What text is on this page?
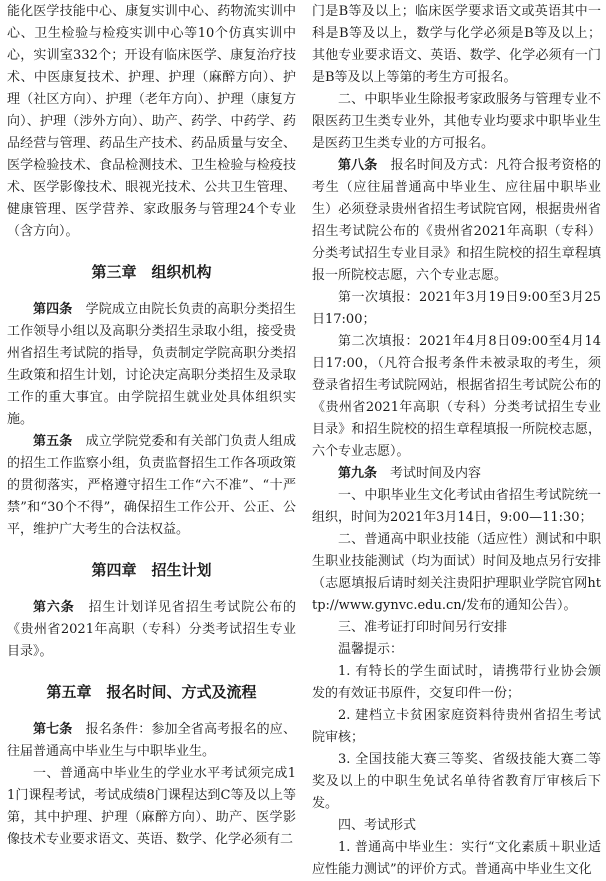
能化医学技能中心、康复实训中心、药物流实训中心、卫生检验与检疫实训中心等10个仿真实训中心，实训室332个；开设有临床医学、康复治疗技术、中医康复技术、护理、护理（麻醉方向）、护理（社区方向）、护理（老年方向）、护理（康复方向）、护理（涉外方向）、助产、药学、中药学、药品经营与管理、药品生产技术、药品质量与安全、医学检验技术、食品检测技术、卫生检验与检疫技术、医学影像技术、眼视光技术、公共卫生管理、健康管理、医学营养、家政服务与管理24个专业（含方向）。

第三章　组织机构

第四条　 学院成立由院长负责的高职分类招生工作领导小组以及高职分类招生录取小组，接受贵州省招生考试院的指导，负责制定学院高职分类招生政策和招生计划，讨论决定高职分类招生及录取工作的重大事宜。由学院招生就业处具体组织实施。

第五条　 成立学院党委和有关部门负责人组成的招生工作监察小组，负责监督招生工作各项政策的贯彻落实，严格遵守招生工作“六不准”、“十严禁”和“30个不得”，确保招生工作公开、公正、公平，维护广大考生的合法权益。

第四章　招生计划

第六条　 招生计划详见省招生考试院公布的《贵州省2021年高职（专科）分类考试招生专业目录》。

第五章　报名时间、方式及流程

第七条　 报名条件：参加全省高考报名的应、往届普通高中毕业生与中职毕业生。

一、普通高中毕业生的学业水平考试须完成11门课程考试，考试成绩8门课程达到C等及以上等第，其中护理、护理（麻醉方向）、助产、医学影像技术专业要求语文、英语、数学、化学必须有二

门是B等及以上；临床医学要求语文或英语其中一科是B等及以上，数学与化学必须是B等及以上；其他专业要求语文、英语、数学、化学必须有一门是B等及以上等第的考生方可报名。

二、中职毕业生除报考家政服务与管理专业不限医药卫生类专业外，其他专业均要求中职毕业生是医药卫生类专业的方可报名。

第八条　 报名时间及方式：凡符合报考资格的考生（应往届普通高中毕业生、应往届中职毕业生）必须登录贵州省招生考试院官网，根据贵州省招生考试院公布的《贵州省2021年高职（专科）分类考试招生专业目录》和招生院校的招生章程填报一所院校志愿，六个专业志愿。

第一次填报：2021年3月19日9:00至3月25日17:00；

第二次填报：2021年4月8日09:00至4月14日17:00，（凡符合报考条件未被录取的考生，须登录省招生考试院网站，根据省招生考试院公布的《贵州省2021年高职（专科）分类考试招生专业目录》和招生院校的招生章程填报一所院校志愿，六个专业志愿）。

第九条　 考试时间及内容

一、中职毕业生文化考试由省招生考试院统一组织，时间为2021年3月14日，9:00—11:30；

二、普通高中职业技能（适应性）测试和中职生职业技能测试（均为面试）时间及地点另行安排（志愿填报后请时刻关注贵阳护理职业学院官网http://www.gynvc.edu.cn/发布的通知公告）。

三、准考证打印时间另行安排

温馨提示：

1. 有特长的学生面试时，请携带行业协会颁发的有效证书原件，交复印件一份；

2. 建档立卡贫困家庭资料待贵州省招生考试院审核；

3. 全国技能大赛三等奖、省级技能大赛二等奖及以上的中职生免试名单待省教育厅审核后下发。

四、考试形式

1. 普通高中毕业生：实行“文化素质＋职业适应性能力测试”的评价方式。普通高中毕业生文化
